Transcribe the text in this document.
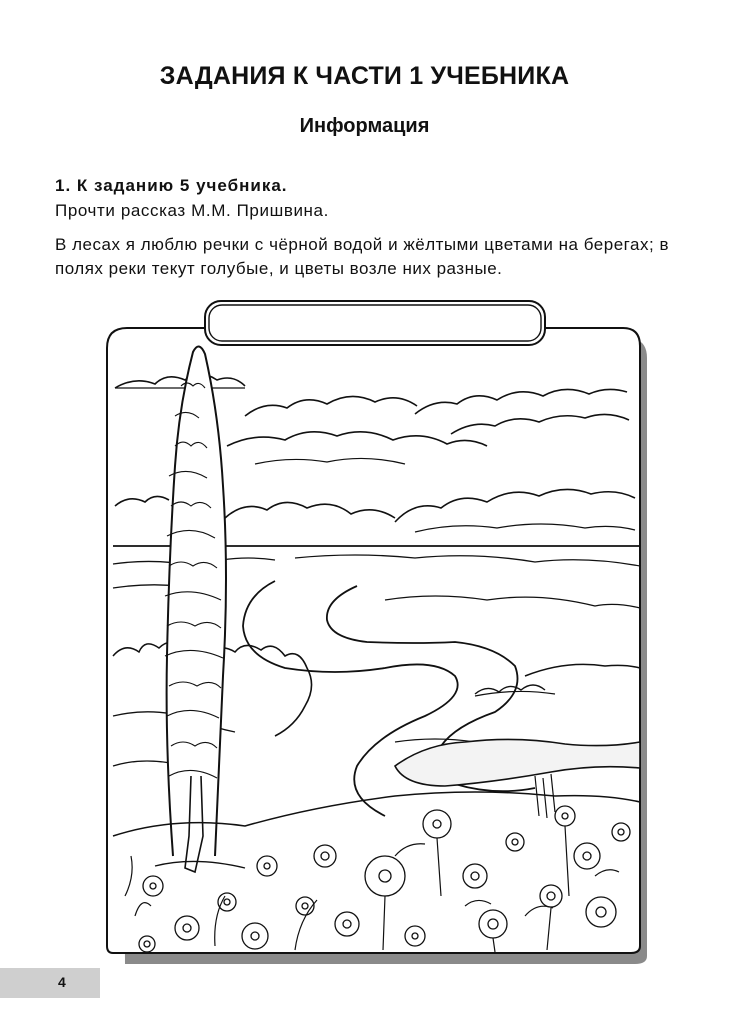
ЗАДАНИЯ К ЧАСТИ 1 УЧЕБНИКА
Информация
1. К заданию 5 учебника.
Прочти рассказ М.М. Пришвина.

В лесах я люблю речки с чёрной водой и жёлтыми цветами на берегах; в полях реки текут голубые, и цветы возле них разные.

4
